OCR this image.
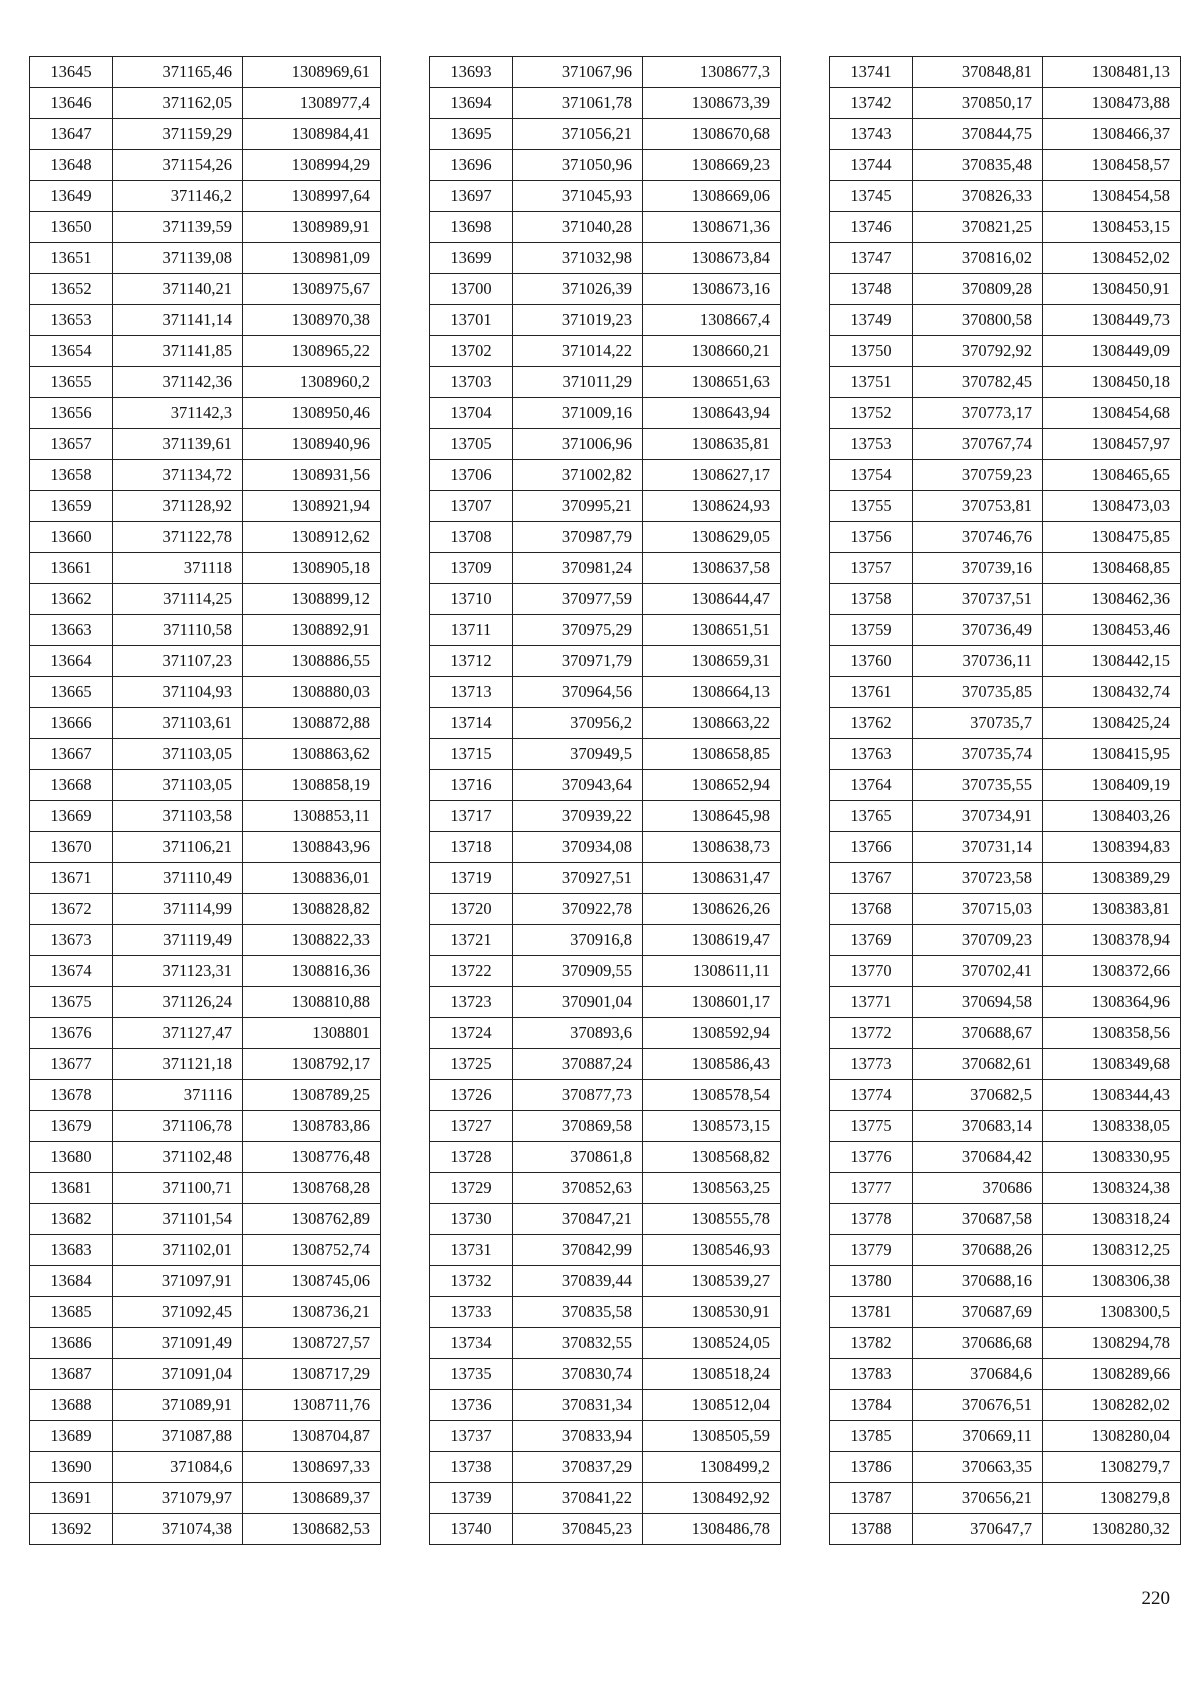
13645	371165,46	1308969,61
13646	371162,05	1308977,4
13647	371159,29	1308984,41
13648	371154,26	1308994,29
13649	371146,2	1308997,64
13650	371139,59	1308989,91
13651	371139,08	1308981,09
13652	371140,21	1308975,67
13653	371141,14	1308970,38
13654	371141,85	1308965,22
13655	371142,36	1308960,2
13656	371142,3	1308950,46
13657	371139,61	1308940,96
13658	371134,72	1308931,56
13659	371128,92	1308921,94
13660	371122,78	1308912,62
13661	371118	1308905,18
13662	371114,25	1308899,12
13663	371110,58	1308892,91
13664	371107,23	1308886,55
13665	371104,93	1308880,03
13666	371103,61	1308872,88
13667	371103,05	1308863,62
13668	371103,05	1308858,19
13669	371103,58	1308853,11
13670	371106,21	1308843,96
13671	371110,49	1308836,01
13672	371114,99	1308828,82
13673	371119,49	1308822,33
13674	371123,31	1308816,36
13675	371126,24	1308810,88
13676	371127,47	1308801
13677	371121,18	1308792,17
13678	371116	1308789,25
13679	371106,78	1308783,86
13680	371102,48	1308776,48
13681	371100,71	1308768,28
13682	371101,54	1308762,89
13683	371102,01	1308752,74
13684	371097,91	1308745,06
13685	371092,45	1308736,21
13686	371091,49	1308727,57
13687	371091,04	1308717,29
13688	371089,91	1308711,76
13689	371087,88	1308704,87
13690	371084,6	1308697,33
13691	371079,97	1308689,37
13692	371074,38	1308682,53
13693	371067,96	1308677,3
13694	371061,78	1308673,39
13695	371056,21	1308670,68
13696	371050,96	1308669,23
13697	371045,93	1308669,06
13698	371040,28	1308671,36
13699	371032,98	1308673,84
13700	371026,39	1308673,16
13701	371019,23	1308667,4
13702	371014,22	1308660,21
13703	371011,29	1308651,63
13704	371009,16	1308643,94
13705	371006,96	1308635,81
13706	371002,82	1308627,17
13707	370995,21	1308624,93
13708	370987,79	1308629,05
13709	370981,24	1308637,58
13710	370977,59	1308644,47
13711	370975,29	1308651,51
13712	370971,79	1308659,31
13713	370964,56	1308664,13
13714	370956,2	1308663,22
13715	370949,5	1308658,85
13716	370943,64	1308652,94
13717	370939,22	1308645,98
13718	370934,08	1308638,73
13719	370927,51	1308631,47
13720	370922,78	1308626,26
13721	370916,8	1308619,47
13722	370909,55	1308611,11
13723	370901,04	1308601,17
13724	370893,6	1308592,94
13725	370887,24	1308586,43
13726	370877,73	1308578,54
13727	370869,58	1308573,15
13728	370861,8	1308568,82
13729	370852,63	1308563,25
13730	370847,21	1308555,78
13731	370842,99	1308546,93
13732	370839,44	1308539,27
13733	370835,58	1308530,91
13734	370832,55	1308524,05
13735	370830,74	1308518,24
13736	370831,34	1308512,04
13737	370833,94	1308505,59
13738	370837,29	1308499,2
13739	370841,22	1308492,92
13740	370845,23	1308486,78
13741	370848,81	1308481,13
13742	370850,17	1308473,88
13743	370844,75	1308466,37
13744	370835,48	1308458,57
13745	370826,33	1308454,58
13746	370821,25	1308453,15
13747	370816,02	1308452,02
13748	370809,28	1308450,91
13749	370800,58	1308449,73
13750	370792,92	1308449,09
13751	370782,45	1308450,18
13752	370773,17	1308454,68
13753	370767,74	1308457,97
13754	370759,23	1308465,65
13755	370753,81	1308473,03
13756	370746,76	1308475,85
13757	370739,16	1308468,85
13758	370737,51	1308462,36
13759	370736,49	1308453,46
13760	370736,11	1308442,15
13761	370735,85	1308432,74
13762	370735,7	1308425,24
13763	370735,74	1308415,95
13764	370735,55	1308409,19
13765	370734,91	1308403,26
13766	370731,14	1308394,83
13767	370723,58	1308389,29
13768	370715,03	1308383,81
13769	370709,23	1308378,94
13770	370702,41	1308372,66
13771	370694,58	1308364,96
13772	370688,67	1308358,56
13773	370682,61	1308349,68
13774	370682,5	1308344,43
13775	370683,14	1308338,05
13776	370684,42	1308330,95
13777	370686	1308324,38
13778	370687,58	1308318,24
13779	370688,26	1308312,25
13780	370688,16	1308306,38
13781	370687,69	1308300,5
13782	370686,68	1308294,78
13783	370684,6	1308289,66
13784	370676,51	1308282,02
13785	370669,11	1308280,04
13786	370663,35	1308279,7
13787	370656,21	1308279,8
13788	370647,7	1308280,32
220
